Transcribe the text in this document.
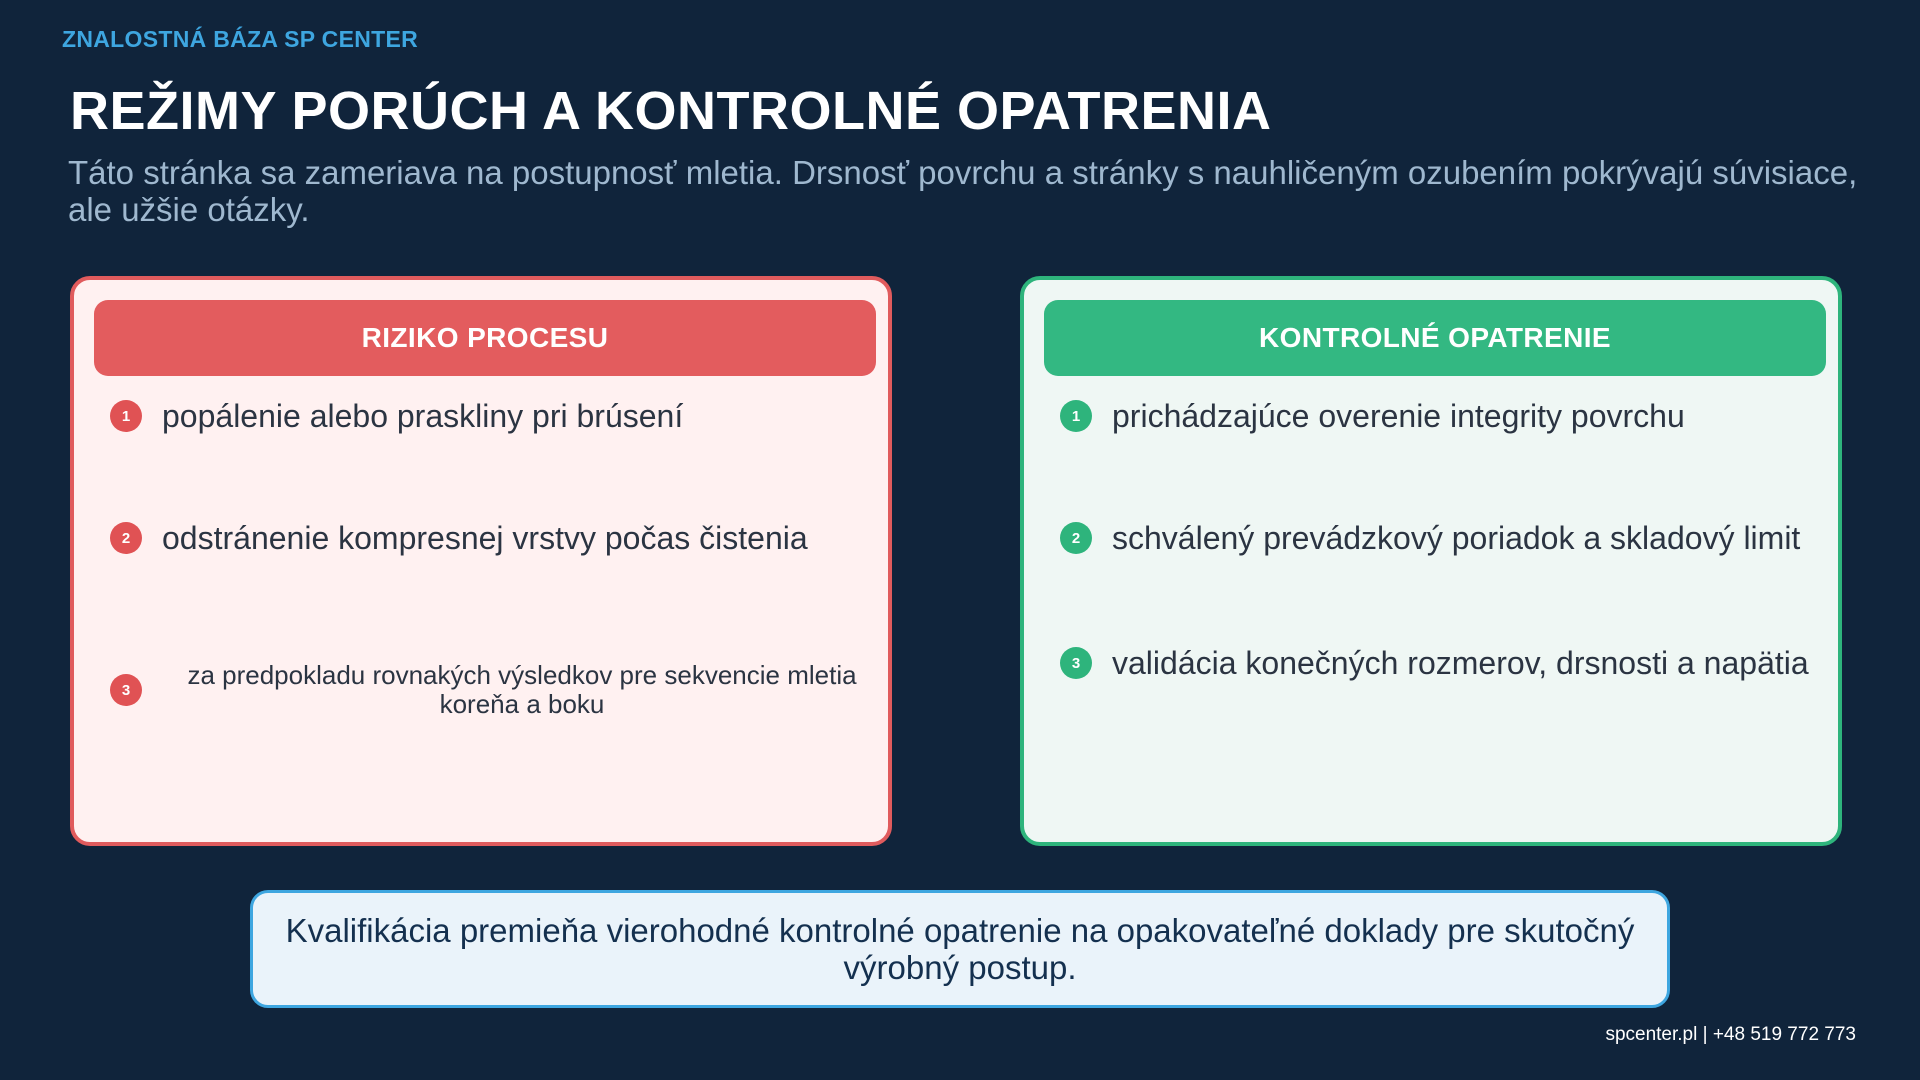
ZNALOSTNÁ BÁZA SP CENTER
REŽIMY PORÚCH A KONTROLNÉ OPATRENIA
Táto stránka sa zameriava na postupnosť mletia. Drsnosť povrchu a stránky s nauhličeným ozubením pokrývajú súvisiace, ale užšie otázky.
RIZIKO PROCESU
1 popálenie alebo praskliny pri brúsení
2 odstránenie kompresnej vrstvy počas čistenia
3	za predpokladu rovnakých výsledkov pre sekvencie mletia koreňa a boku
KONTROLNÉ OPATRENIE
1 prichádzajúce overenie integrity povrchu
2 schválený prevádzkový poriadok a skladový limit
3 validácia konečných rozmerov, drsnosti a napätia
Kvalifikácia premieňa vierohodné kontrolné opatrenie na opakovateľné doklady pre skutočný výrobný postup.
spcenter.pl | +48 519 772 773
